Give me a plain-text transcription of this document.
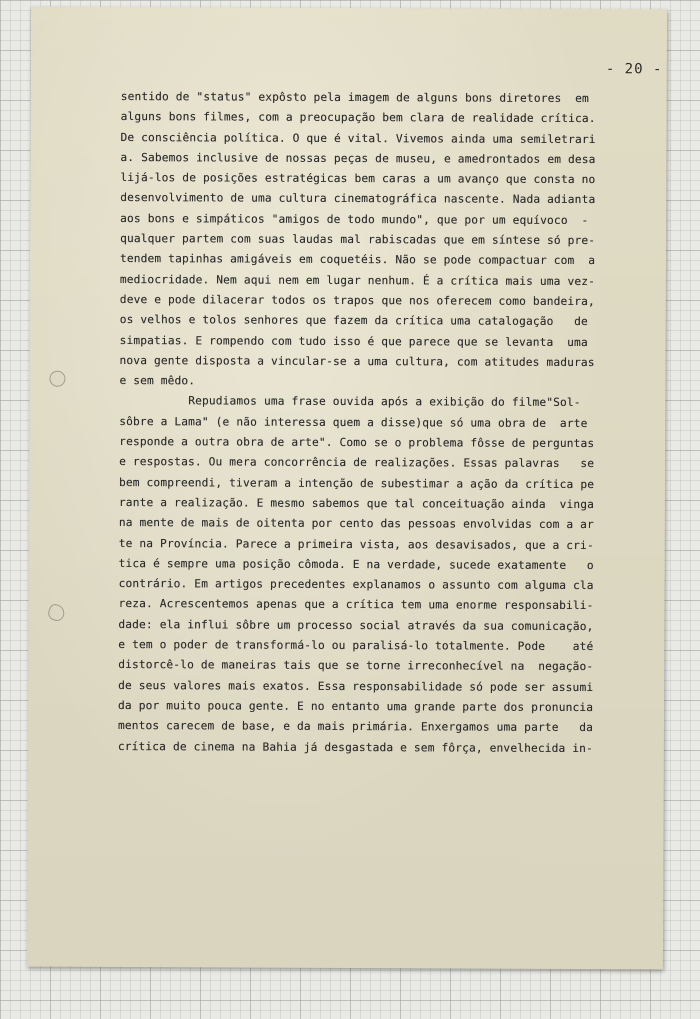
- 20 -
sentido de "status" expôsto pela imagem de alguns bons diretores  em
alguns bons filmes, com a preocupação bem clara de realidade crítica.
De consciência política. O que é vital. Vivemos ainda uma semiletrari
a. Sabemos inclusive de nossas peças de museu, e amedrontados em desa
lijá-los de posições estratégicas bem caras a um avanço que consta no
desenvolvimento de uma cultura cinematográfica nascente. Nada adianta
aos bons e simpáticos "amigos de todo mundo", que por um equívoco  -
qualquer partem com suas laudas mal rabiscadas que em síntese só pre-
tendem tapinhas amigáveis em coquetéis. Não se pode compactuar com  a
mediocridade. Nem aqui nem em lugar nenhum. É a crítica mais uma vez-
deve e pode dilacerar todos os trapos que nos oferecem como bandeira,
os velhos e tolos senhores que fazem da crítica uma catalogação   de
simpatias. E rompendo com tudo isso é que parece que se levanta  uma
nova gente disposta a vincular-se a uma cultura, com atitudes maduras
e sem mêdo.
Repudiamos uma frase ouvida após a exibição do filme"Sol-
sôbre a Lama" (e não interessa quem a disse)que só uma obra de  arte
responde a outra obra de arte". Como se o problema fôsse de perguntas
e respostas. Ou mera concorrência de realizações. Essas palavras   se
bem compreendi, tiveram a intenção de subestimar a ação da crítica pe
rante a realização. E mesmo sabemos que tal conceituação ainda  vinga
na mente de mais de oitenta por cento das pessoas envolvidas com a ar
te na Província. Parece a primeira vista, aos desavisados, que a cri-
tica é sempre uma posição cômoda. E na verdade, sucede exatamente   o
contrário. Em artigos precedentes explanamos o assunto com alguma cla
reza. Acrescentemos apenas que a crítica tem uma enorme responsabili-
dade: ela influi sôbre um processo social através da sua comunicação,
e tem o poder de transformá-lo ou paralisá-lo totalmente. Pode    até
distorcê-lo de maneiras tais que se torne irreconhecível na  negação-
de seus valores mais exatos. Essa responsabilidade só pode ser assumi
da por muito pouca gente. E no entanto uma grande parte dos pronuncia
mentos carecem de base, e da mais primária. Enxergamos uma parte   da
crítica de cinema na Bahia já desgastada e sem fôrça, envelhecida in-
